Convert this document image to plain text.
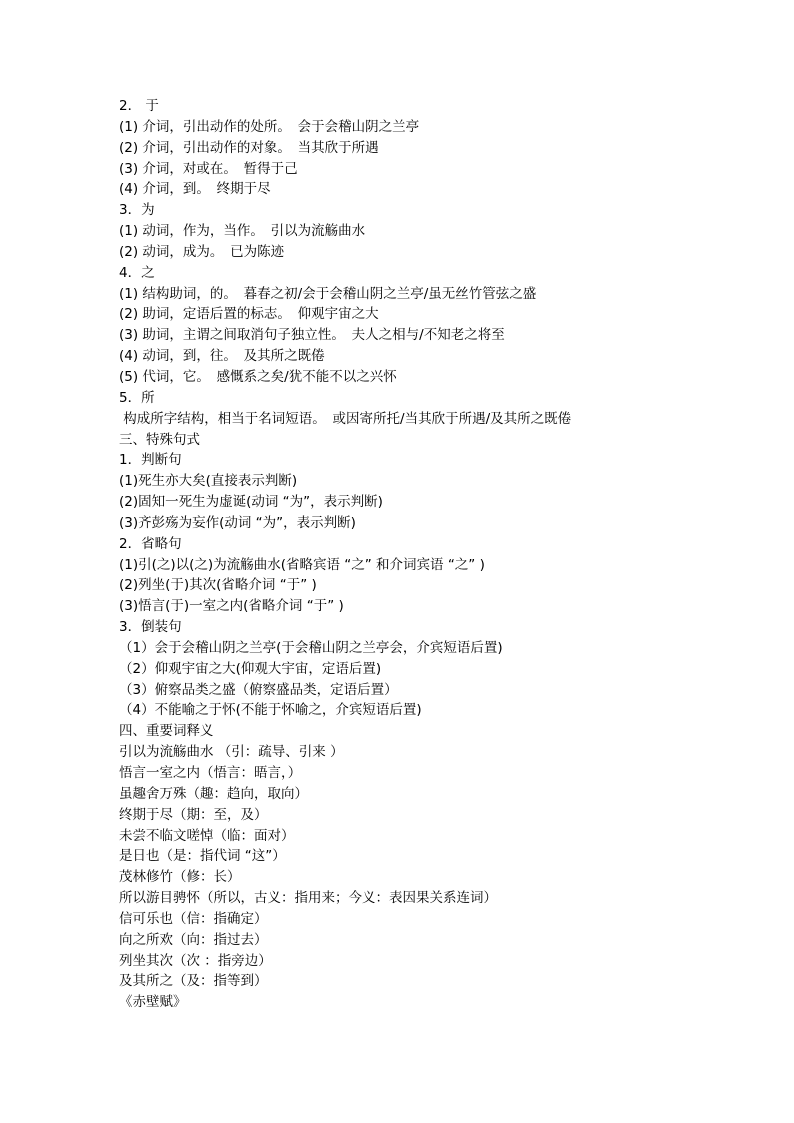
2． 于
(1) 介词，引出动作的处所。　会于会稽山阴之兰亭
(2) 介词，引出动作的对象。　当其欣于所遇
(3) 介词，对或在。　暂得于己
(4) 介词，到。　终期于尽
3．为
(1) 动词，作为，当作。　引以为流觞曲水
(2) 动词，成为。　已为陈迹
4．之
(1) 结构助词，的。　暮春之初/会于会稽山阴之兰亭/虽无丝竹管弦之盛
(2) 助词，定语后置的标志。　仰观宇宙之大
(3) 助词，主谓之间取消句子独立性。　夫人之相与/不知老之将至
(4) 动词，到，往。　及其所之既倦
(5) 代词，它。　感慨系之矣/犹不能不以之兴怀
5．所
构成所字结构，相当于名词短语。　或因寄所托/当其欣于所遇/及其所之既倦
三、特殊句式
1．判断句
(1)死生亦大矣(直接表示判断)
(2)固知一死生为虚诞(动词 “为”，表示判断)
(3)齐彭殇为妄作(动词 “为”，表示判断)
2．省略句
(1)引(之)以(之)为流觞曲水(省略宾语 “之” 和介词宾语 “之” )
(2)列坐(于)其次(省略介词 “于” )
(3)悟言(于)一室之内(省略介词 “于” )
3．倒装句
（1）会于会稽山阴之兰亭(于会稽山阴之兰亭会，介宾短语后置)
（2）仰观宇宙之大(仰观大宇宙，定语后置)
（3）俯察品类之盛（俯察盛品类，定语后置）
（4）不能喻之于怀(不能于怀喻之，介宾短语后置)
四、重要词释义
引以为流觞曲水 （引：疏导、引来 ）
悟言一室之内（悟言：晤言，）
虽趣舍万殊（趣：趋向，取向）
终期于尽（期：至，及）
未尝不临文嗟悼（临：面对）
是日也（是：指代词 “这”）
茂林修竹（修：长）
所以游目骋怀（所以，古义：指用来；今义：表因果关系连词）
信可乐也（信：指确定）
向之所欢（向：指过去）
列坐其次（次 ：指旁边）
及其所之（及：指等到）
《赤壁赋》
